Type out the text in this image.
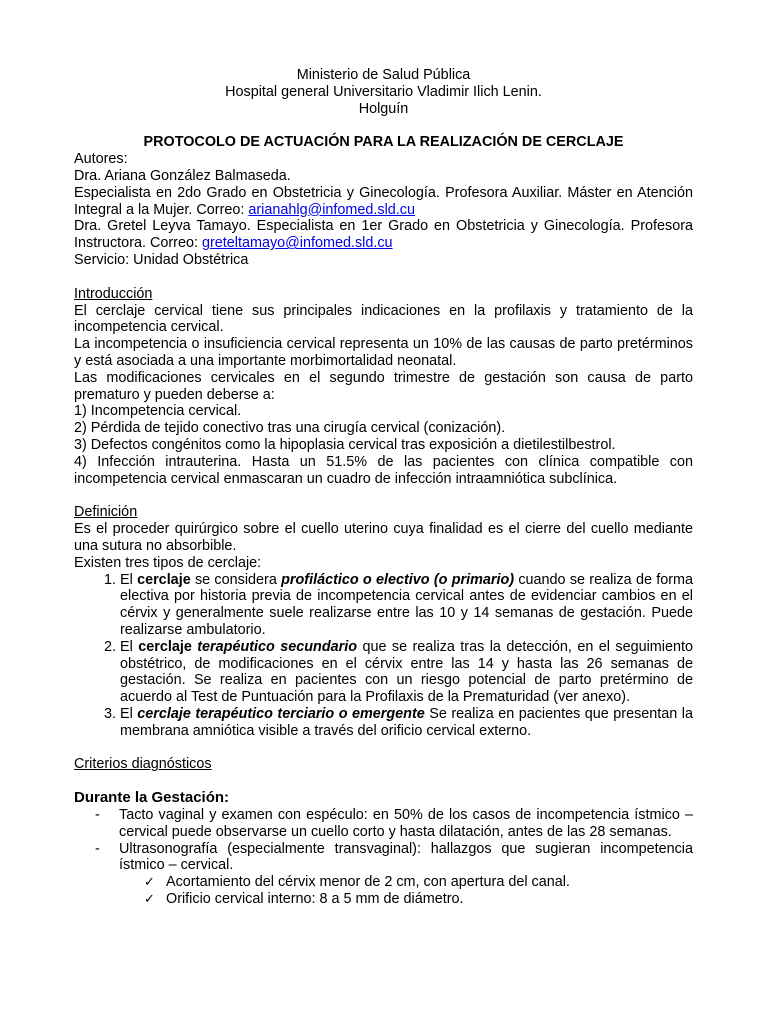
Ministerio de Salud Pública

Hospital general Universitario Vladimir Ilich Lenin.

Holguín

PROTOCOLO DE ACTUACIÓN PARA LA REALIZACIÓN DE CERCLAJE

Autores:

Dra. Ariana González Balmaseda.

Especialista en 2do Grado en Obstetricia y Ginecología. Profesora Auxiliar. Máster en Atención Integral a la Mujer. Correo: arianahlg@infomed.sld.cu

Dra. Gretel Leyva Tamayo. Especialista en 1er Grado en Obstetricia y Ginecología. Profesora Instructora. Correo: greteltamayo@infomed.sld.cu

Servicio: Unidad Obstétrica

Introducción

El cerclaje cervical tiene sus principales indicaciones en la profilaxis y tratamiento de la incompetencia cervical.

La incompetencia o insuficiencia cervical representa un 10% de las causas de parto pretérminos y está asociada a una importante morbimortalidad neonatal.

Las modificaciones cervicales en el segundo trimestre de gestación son causa de parto prematuro y pueden deberse a:

1) Incompetencia cervical.

2) Pérdida de tejido conectivo tras una cirugía cervical (conización).

3) Defectos congénitos como la hipoplasia cervical tras exposición a dietilestilbestrol.

4) Infección intrauterina. Hasta un 51.5% de las pacientes con clínica compatible con incompetencia cervical enmascaran un cuadro de infección intraamniótica subclínica.

Definición

Es el proceder quirúrgico sobre el cuello uterino cuya finalidad es el cierre del cuello mediante una sutura no absorbible.

Existen tres tipos de cerclaje:

1. El cerclaje se considera profiláctico o electivo (o primario) cuando se realiza de forma electiva por historia previa de incompetencia cervical antes de evidenciar cambios en el cérvix y generalmente suele realizarse entre las 10 y 14 semanas de gestación. Puede realizarse ambulatorio.
2. El cerclaje terapéutico secundario que se realiza tras la detección, en el seguimiento obstétrico, de modificaciones en el cérvix entre las 14 y hasta las 26 semanas de gestación. Se realiza en pacientes con un riesgo potencial de parto pretérmino de acuerdo al Test de Puntuación para la Profilaxis de la Prematuridad (ver anexo).
3. El cerclaje terapéutico terciario o emergente Se realiza en pacientes que presentan la membrana amniótica visible a través del orificio cervical externo.

Criterios diagnósticos

Durante la Gestación:

- Tacto vaginal y examen con espéculo: en 50% de los casos de incompetencia ístmico – cervical puede observarse un cuello corto y hasta dilatación, antes de las 28 semanas.
- Ultrasonografía (especialmente transvaginal): hallazgos que sugieran incompetencia ístmico – cervical.
✓ Acortamiento del cérvix menor de 2 cm, con apertura del canal.
✓ Orificio cervical interno: 8 a 5 mm de diámetro.
